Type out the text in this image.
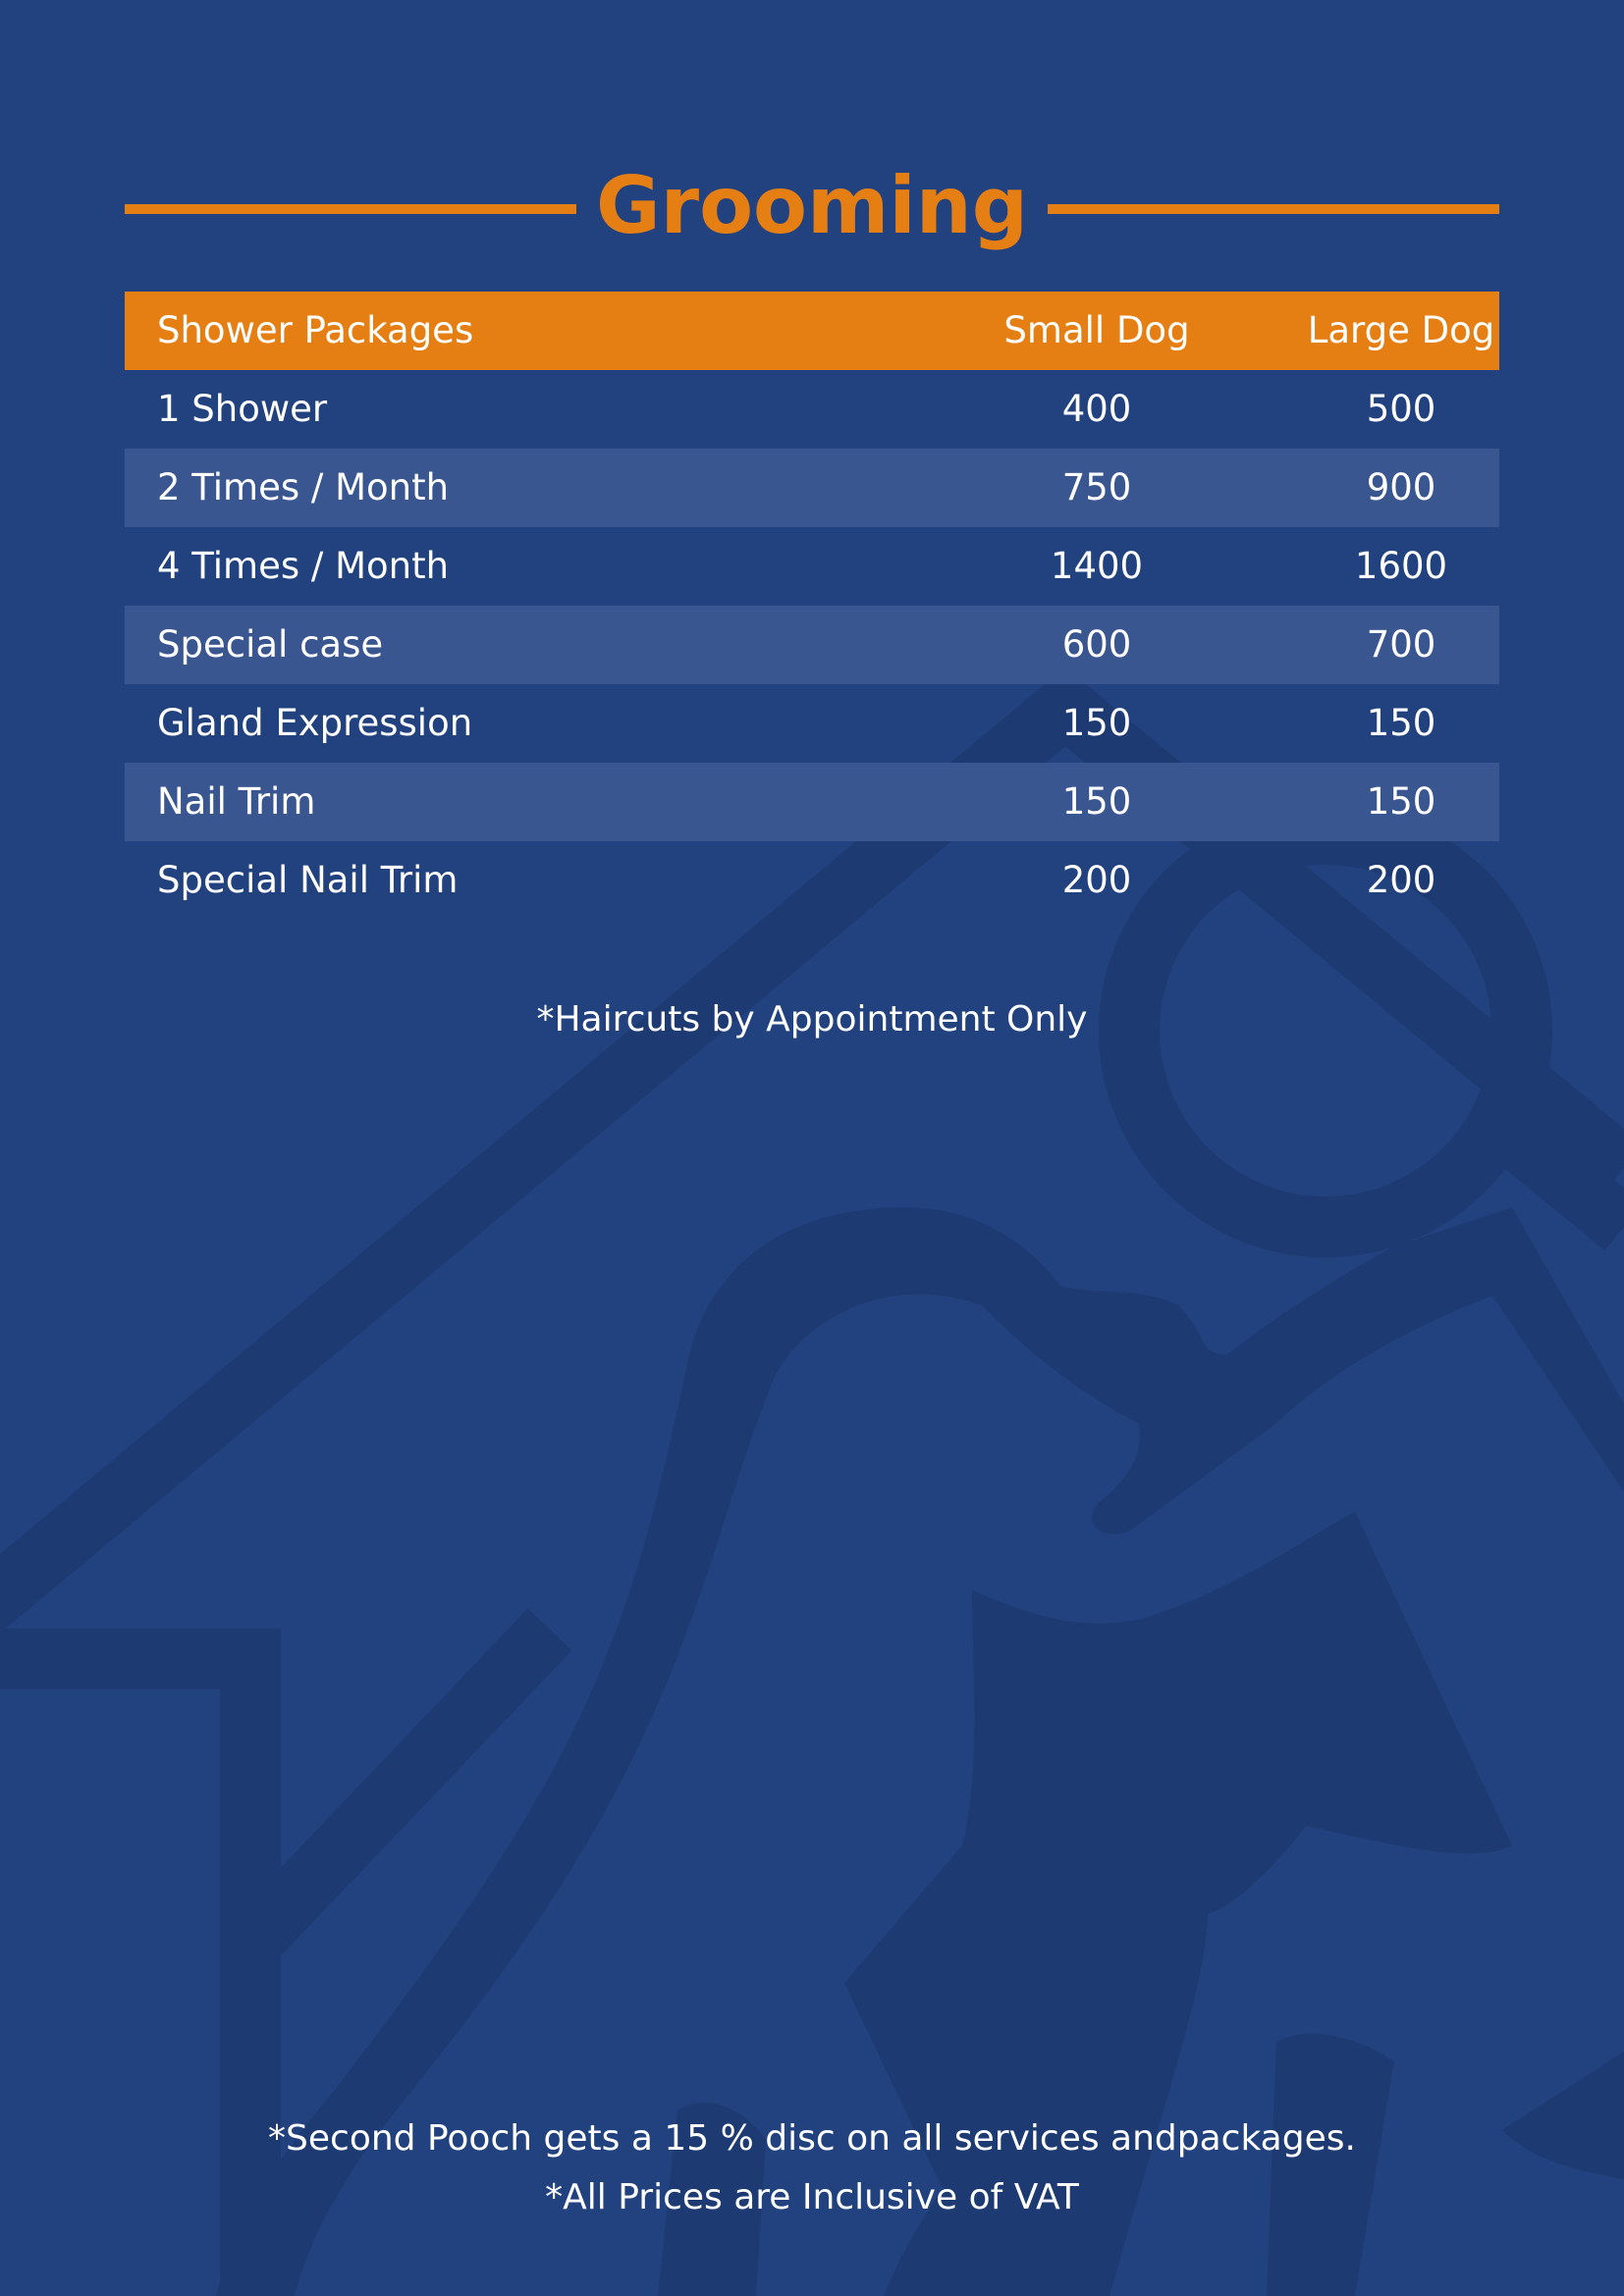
Grooming
Shower Packages	Small Dog	Large Dog
1 Shower	400	500
2 Times / Month	750	900
4 Times / Month	1400	1600
Special case	600	700
Gland Expression	150	150
Nail Trim	150	150
Special Nail Trim	200	200
*Haircuts by Appointment Only
*Second Pooch gets a 15 % disc on all services andpackages.
*All Prices are Inclusive of VAT
